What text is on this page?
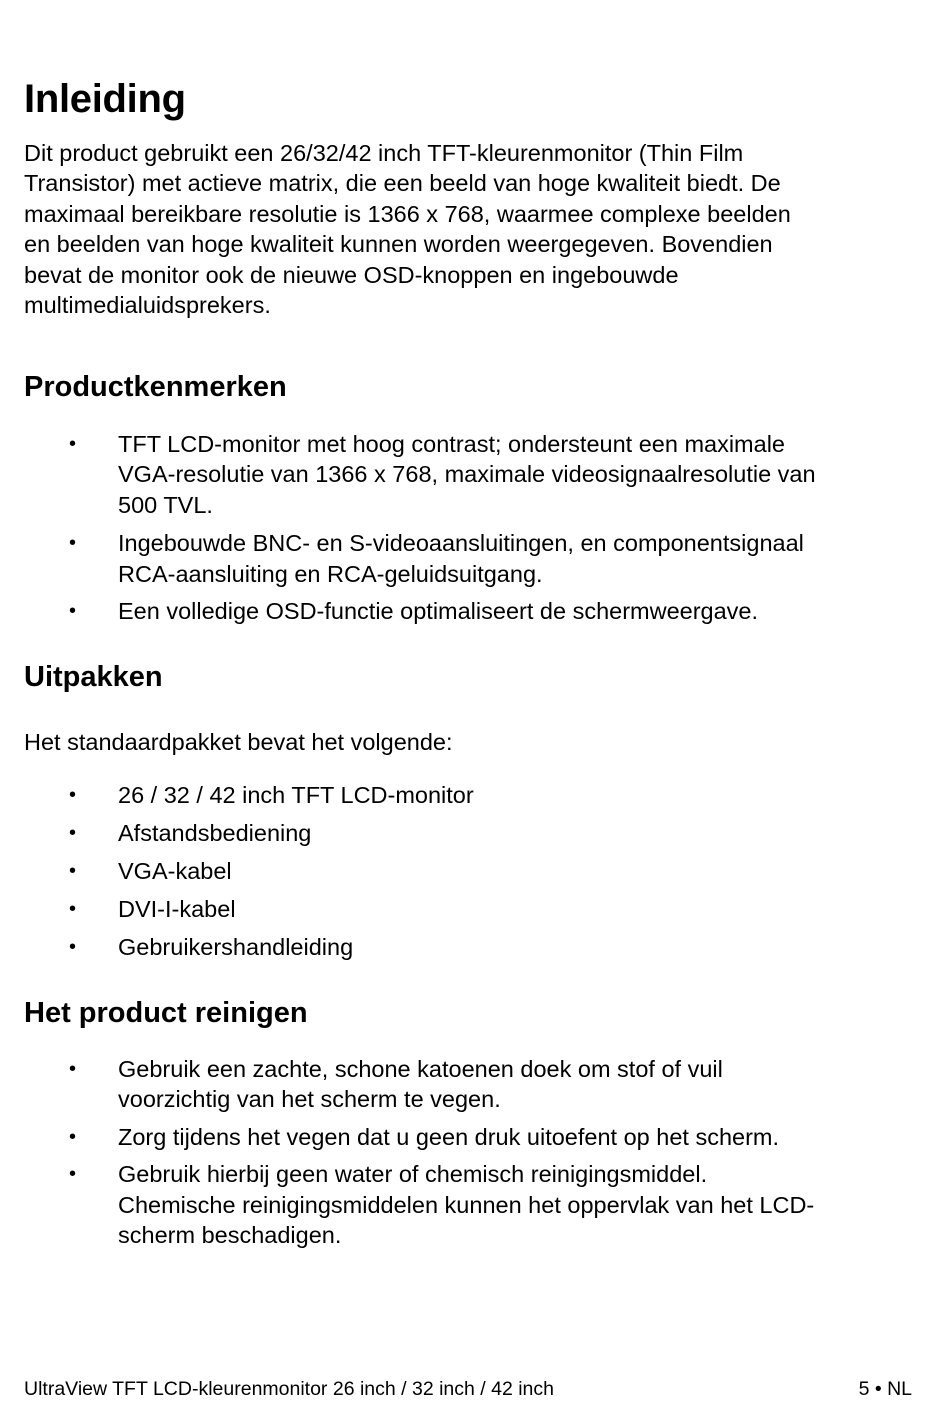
Inleiding

Dit product gebruikt een 26/32/42 inch TFT-kleurenmonitor (Thin Film
Transistor) met actieve matrix, die een beeld van hoge kwaliteit biedt. De
maximaal bereikbare resolutie is 1366 x 768, waarmee complexe beelden
en beelden van hoge kwaliteit kunnen worden weergegeven. Bovendien
bevat de monitor ook de nieuwe OSD-knoppen en ingebouwde
multimedialuidsprekers.

Productkenmerken
• TFT LCD-monitor met hoog contrast; ondersteunt een maximale
VGA-resolutie van 1366 x 768, maximale videosignaalresolutie van
500 TVL.
• Ingebouwde BNC- en S-videoaansluitingen, en componentsignaal
RCA-aansluiting en RCA-geluidsuitgang.
• Een volledige OSD-functie optimaliseert de schermweergave.
Uitpakken

Het standaardpakket bevat het volgende:

• 26 / 32 / 42 inch TFT LCD-monitor
• Afstandsbediening
• VGA-kabel
• DVI-I-kabel
• Gebruikershandleiding
Het product reinigen
• Gebruik een zachte, schone katoenen doek om stof of vuil
voorzichtig van het scherm te vegen.
• Zorg tijdens het vegen dat u geen druk uitoefent op het scherm.
• Gebruik hierbij geen water of chemisch reinigingsmiddel.
Chemische reinigingsmiddelen kunnen het oppervlak van het LCD-
scherm beschadigen.
UltraView TFT LCD-kleurenmonitor 26 inch / 32 inch / 42 inch	5 • NL
